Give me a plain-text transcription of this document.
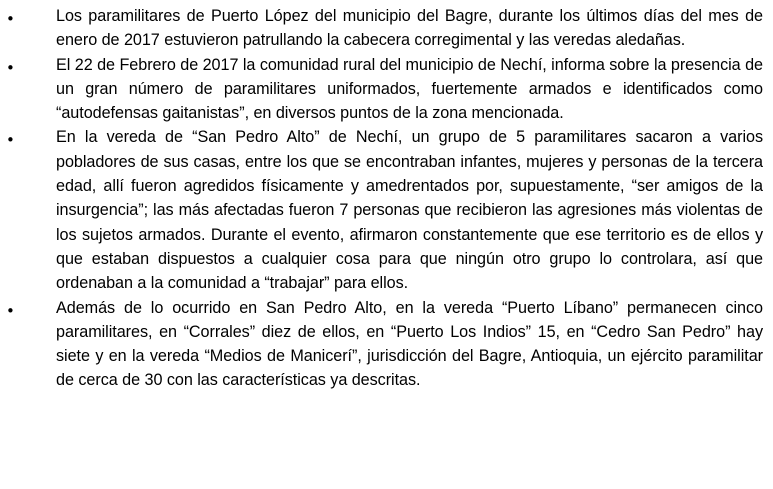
•	Los paramilitares de Puerto López del municipio del Bagre, durante los últimos días del mes de enero de 2017 estuvieron patrullando la cabecera corregimental y las veredas aledañas.
•	El 22 de Febrero de 2017 la comunidad rural del municipio de Nechí, informa sobre la presencia de un gran número de paramilitares uniformados, fuertemente armados e identificados como “autodefensas gaitanistas”, en diversos puntos de la zona mencionada.
•	En la vereda de “San Pedro Alto” de Nechí, un grupo de 5 paramilitares sacaron a varios pobladores de sus casas, entre los que se encontraban infantes, mujeres y personas de la tercera edad, allí fueron agredidos físicamente y amedrentados por, supuestamente, “ser amigos de la insurgencia”; las más afectadas fueron 7 personas que recibieron las agresiones más violentas de los sujetos armados. Durante el evento, afirmaron constantemente que ese territorio es de ellos y que estaban dispuestos a cualquier cosa para que ningún otro grupo lo controlara, así que ordenaban a la comunidad a “trabajar” para ellos.
•	Además de lo ocurrido en San Pedro Alto, en la vereda “Puerto Líbano” permanecen cinco paramilitares, en “Corrales” diez de ellos, en “Puerto Los Indios” 15, en “Cedro San Pedro” hay siete y en la vereda “Medios de Manicerí”, jurisdicción del Bagre, Antioquia, un ejército paramilitar de cerca de 30 con las características ya descritas.
